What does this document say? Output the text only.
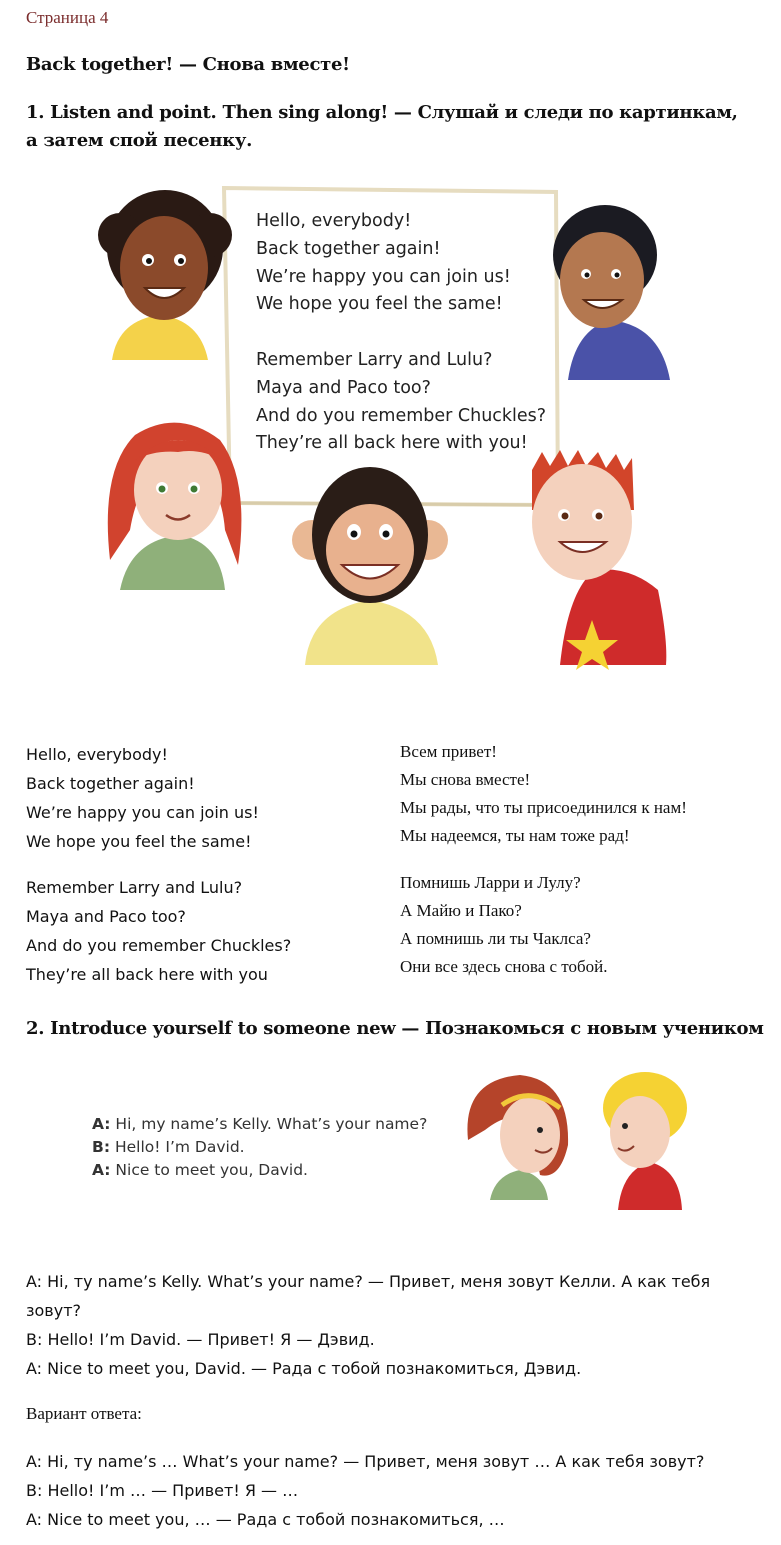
Страница 4
Back together! — Снова вместе!
1. Listen and point. Then sing along! — Слушай и следи по картинкам, а затем спой песенку.
Hello, everybody!
Back together again!
We’re happy you can join us!
We hope you feel the same!
Remember Larry and Lulu?
Maya and Paco too?
And do you remember Chuckles?
They’re all back here with you!
Hello, everybody!
Back together again!
We’re happy you can join us!
We hope you feel the same!
Remember Larry and Lulu?
Maya and Paco too?
And do you remember Chuckles?
They’re all back here with you
Всем привет!
Мы снова вместе!
Мы рады, что ты присоединился к нам!
Мы надеемся, ты нам тоже рад!
Помнишь Ларри и Лулу?
А Майю и Пако?
А помнишь ли ты Чаклса?
Они все здесь снова с тобой.
2. Introduce yourself to someone new — Познакомься с новым учеником
A: Hi, my name’s Kelly. What’s your name?
B: Hello! I’m David.
A: Nice to meet you, David.
A: Hi, ту name’s Kelly. What’s your name? — Привет, меня зовут Келли. А как тебя зовут?
B: Hello! I’m David. — Привет! Я — Дэвид.
A: Nice to meet you, David. — Рада с тобой познакомиться, Дэвид.
Вариант ответа:
A: Hi, ту name’s … What’s your name? — Привет, меня зовут … А как тебя зовут?
B: Hello! I’m … — Привет! Я — …
A: Nice to meet you, … — Рада с тобой познакомиться, …
